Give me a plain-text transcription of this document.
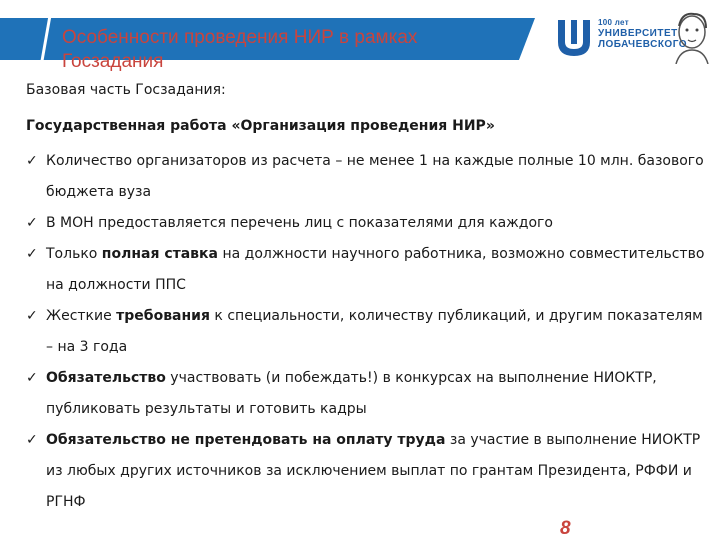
Особенности проведения НИР в рамках Госзадания
100 лет
УНИВЕРСИТЕТ
ЛОБАЧЕВСКОГО

Базовая часть Госзадания:

Государственная работа «Организация проведения НИР»

✓ Количество организаторов из расчета – не менее 1 на каждые полные 10 млн. базового бюджета вуза
✓ В МОН предоставляется перечень лиц с показателями для каждого
✓ Только полная ставка на должности научного работника, возможно совместительство на должности ППС
✓ Жесткие требования к специальности, количеству публикаций, и другим показателям – на 3 года
✓ Обязательство участвовать (и побеждать!) в конкурсах на выполнение НИОКТР, публиковать результаты и готовить кадры
✓ Обязательство не претендовать на оплату труда за участие в выполнение НИОКТР из любых других источников за исключением выплат по грантам Президента, РФФИ и РГНФ
8
